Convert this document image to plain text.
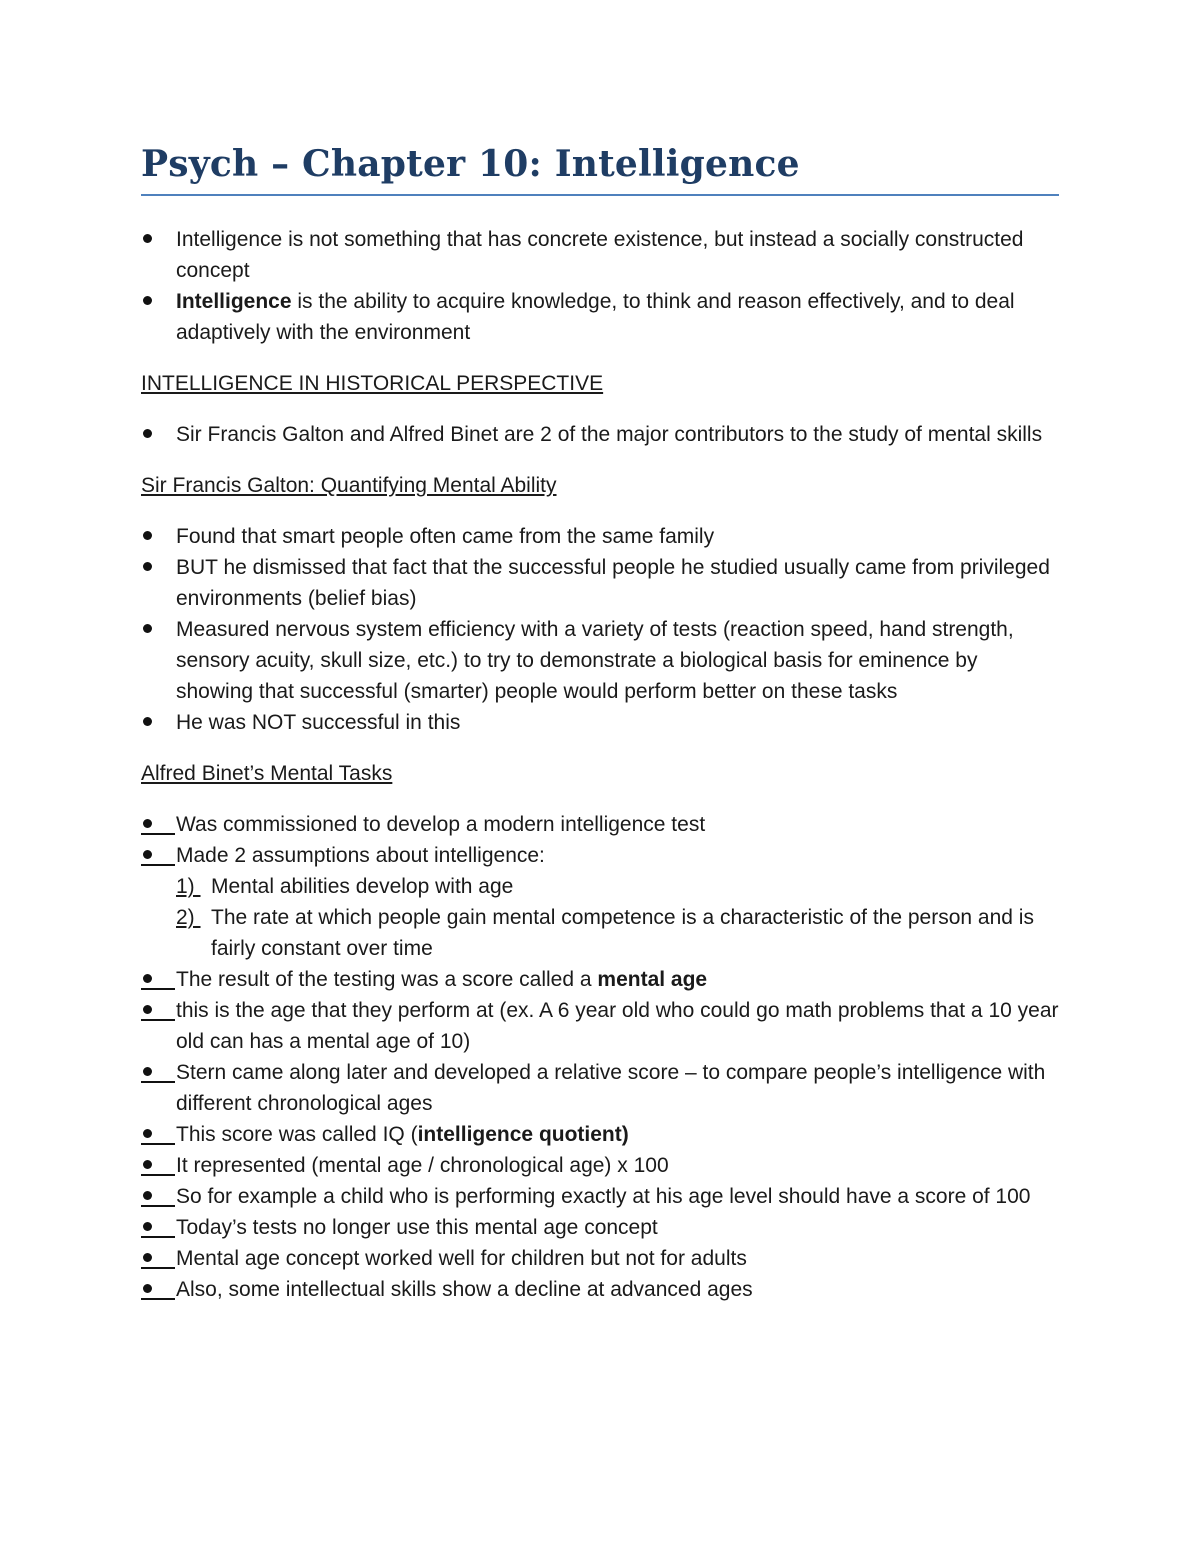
Psych – Chapter 10: Intelligence
Intelligence is not something that has concrete existence, but instead a socially constructed concept
Intelligence is the ability to acquire knowledge, to think and reason effectively, and to deal adaptively with the environment

INTELLIGENCE IN HISTORICAL PERSPECTIVE

Sir Francis Galton and Alfred Binet are 2 of the major contributors to the study of mental skills

Sir Francis Galton: Quantifying Mental Ability

Found that smart people often came from the same family
BUT he dismissed that fact that the successful people he studied usually came from privileged environments (belief bias)
Measured nervous system efficiency with a variety of tests (reaction speed, hand strength, sensory acuity, skull size, etc.) to try to demonstrate a biological basis for eminence by showing that successful (smarter) people would perform better on these tasks
He was NOT successful in this

Alfred Binet’s Mental Tasks

Was commissioned to develop a modern intelligence test
Made 2 assumptions about intelligence:
1) Mental abilities develop with age
2) The rate at which people gain mental competence is a characteristic of the person and is fairly constant over time
The result of the testing was a score called a mental age
this is the age that they perform at (ex. A 6 year old who could go math problems that a 10 year old can has a mental age of 10)
Stern came along later and developed a relative score – to compare people’s intelligence with different chronological ages
This score was called IQ (intelligence quotient)
It represented (mental age / chronological age) x 100
So for example a child who is performing exactly at his age level should have a score of 100
Today’s tests no longer use this mental age concept
Mental age concept worked well for children but not for adults
Also, some intellectual skills show a decline at advanced ages
